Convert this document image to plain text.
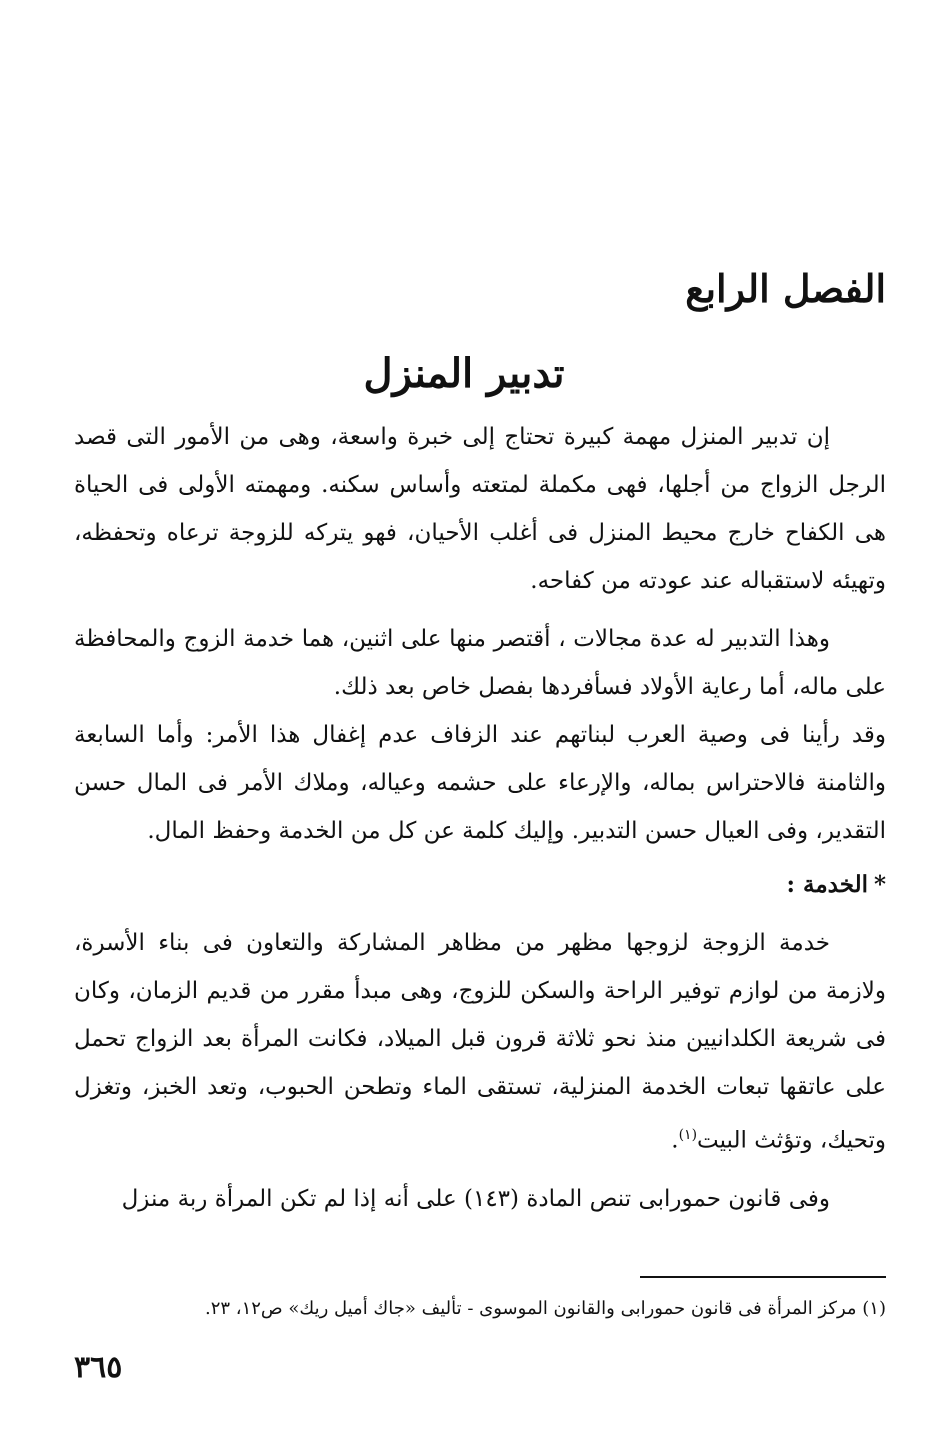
الفصل الرابع
تدبير المنزل

إن تدبير المنزل مهمة كبيرة تحتاج إلى خبرة واسعة، وهى من الأمور التى قصد الرجل الزواج من أجلها، فهى مكملة لمتعته وأساس سكنه. ومهمته الأولى فى الحياة هى الكفاح خارج محيط المنزل فى أغلب الأحيان، فهو يتركه للزوجة ترعاه وتحفظه، وتهيئه لاستقباله عند عودته من كفاحه.

وهذا التدبير له عدة مجالات ، أقتصر منها على اثنين، هما خدمة الزوج والمحافظة على ماله، أما رعاية الأولاد فسأفردها بفصل خاص بعد ذلك.

وقد رأينا فى وصية العرب لبناتهم عند الزفاف عدم إغفال هذا الأمر: وأما السابعة والثامنة فالاحتراس بماله، والإرعاء على حشمه وعياله، وملاك الأمر فى المال حسن التقدير، وفى العيال حسن التدبير. وإليك كلمة عن كل من الخدمة وحفظ المال.

*الخدمة :

خدمة الزوجة لزوجها مظهر من مظاهر المشاركة والتعاون فى بناء الأسرة، ولازمة من لوازم توفير الراحة والسكن للزوج، وهى مبدأ مقرر من قديم الزمان، وكان فى شريعة الكلدانيين منذ نحو ثلاثة قرون قبل الميلاد، فكانت المرأة بعد الزواج تحمل على عاتقها تبعات الخدمة المنزلية، تستقى الماء وتطحن الحبوب، وتعد الخبز، وتغزل وتحيك، وتؤثث البيت$^{(١)}$.

وفى قانون حمورابى تنص المادة (١٤٣) على أنه إذا لم تكن المرأة ربة منزل

(١) مركز المرأة فى قانون حمورابى والقانون الموسوى - تأليف «جاك أميل ريك» ص١٢، ٢٣.

٣٦٥
